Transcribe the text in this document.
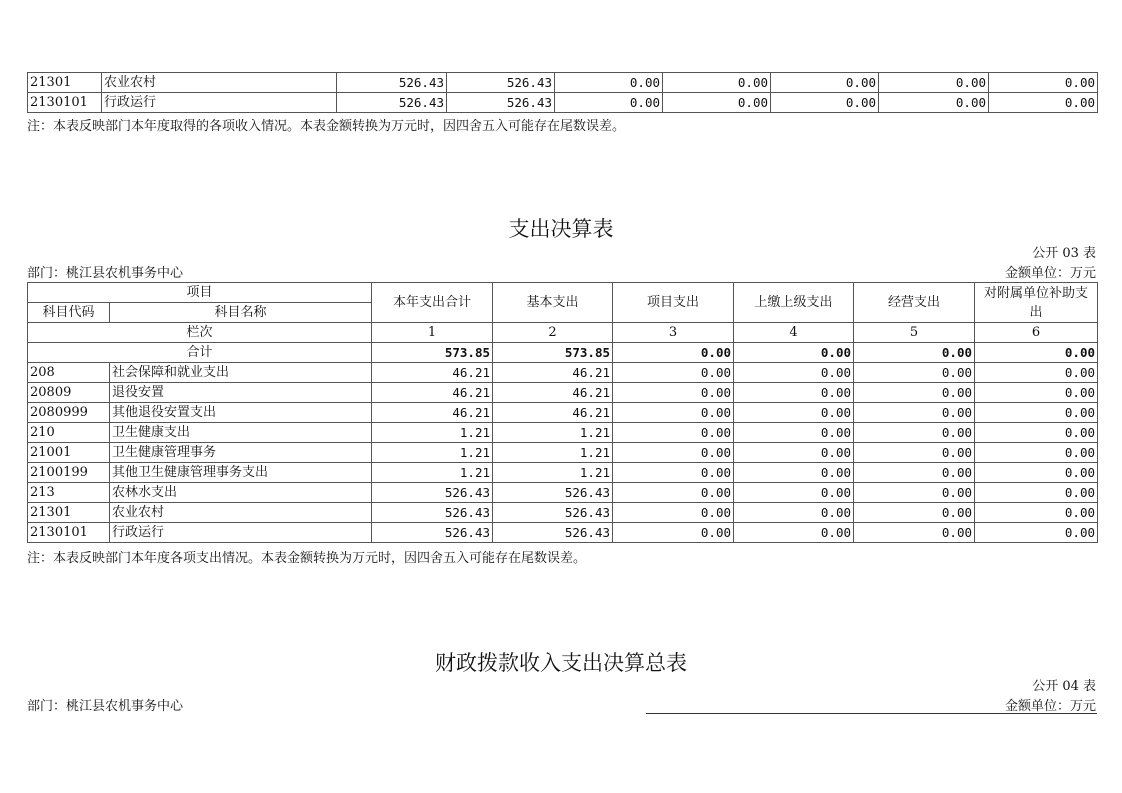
21301	农业农村	526.43	526.43	0.00	0.00	0.00	0.00	0.00
2130101	行政运行	526.43	526.43	0.00	0.00	0.00	0.00	0.00
注：本表反映部门本年度取得的各项收入情况。本表金额转换为万元时，因四舍五入可能存在尾数误差。
支出决算表
公开 03 表
部门：桃江县农机事务中心	金额单位：万元
项目		本年支出合计	基本支出	项目支出	上缴上级支出	经营支出	对附属单位补助支出
科目代码	科目名称						
栏次		1	2	3	4	5	6
合计		573.85	573.85	0.00	0.00	0.00	0.00
208	社会保障和就业支出	46.21	46.21	0.00	0.00	0.00	0.00
20809	退役安置	46.21	46.21	0.00	0.00	0.00	0.00
2080999	其他退役安置支出	46.21	46.21	0.00	0.00	0.00	0.00
210	卫生健康支出	1.21	1.21	0.00	0.00	0.00	0.00
21001	卫生健康管理事务	1.21	1.21	0.00	0.00	0.00	0.00
2100199	其他卫生健康管理事务支出	1.21	1.21	0.00	0.00	0.00	0.00
213	农林水支出	526.43	526.43	0.00	0.00	0.00	0.00
21301	农业农村	526.43	526.43	0.00	0.00	0.00	0.00
2130101	行政运行	526.43	526.43	0.00	0.00	0.00	0.00
注：本表反映部门本年度各项支出情况。本表金额转换为万元时，因四舍五入可能存在尾数误差。
财政拨款收入支出决算总表
公开 04 表
部门：桃江县农机事务中心	金额单位：万元
